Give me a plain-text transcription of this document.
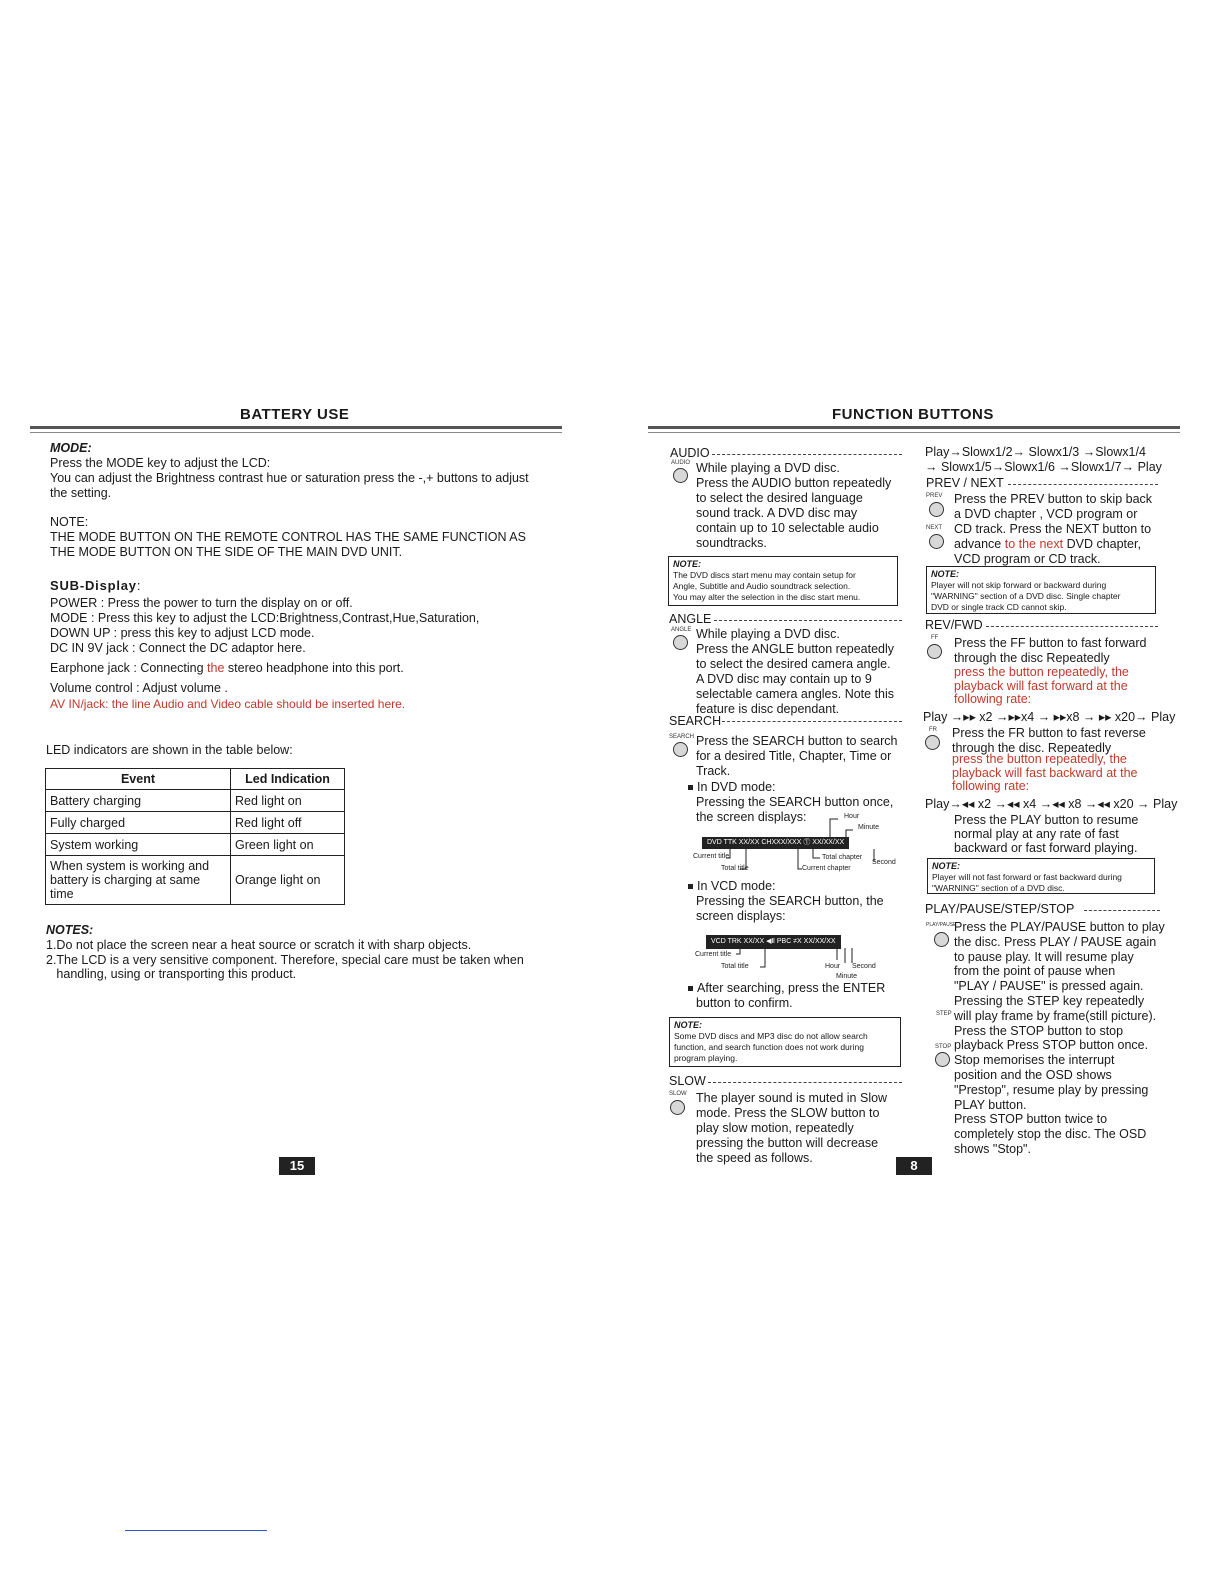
BATTERY USE
MODE:
Press the MODE key to adjust the LCD:
You can adjust the Brightness contrast hue or saturation press the -,+ buttons to adjust
the setting.
NOTE:
THE MODE BUTTON ON THE REMOTE CONTROL HAS THE SAME FUNCTION AS
THE MODE BUTTON ON THE SIDE OF THE MAIN DVD UNIT.
SUB-Display:
POWER : Press the power to turn the display on or off.
MODE : Press this key to adjust the LCD:Brightness,Contrast,Hue,Saturation,
DOWN UP : press this key to adjust LCD mode.
DC IN 9V jack : Connect the DC adaptor here.
Earphone jack : Connecting the stereo headphone into this port.
Volume control : Adjust volume .
AV IN/jack: the line Audio and Video cable should be inserted here.
LED indicators are shown in the table below:
Event	Led Indication
Battery charging	Red light on
Fully charged	Red light off
System working	Green light on
When system is working and battery is charging at same time	Orange light on
NOTES:
1.Do not place the screen near a heat source or scratch it with sharp objects.
2.The LCD is a very sensitive component. Therefore, special care must be taken when
handling, using or transporting this product.
15
FUNCTION BUTTONS
AUDIO
AUDIO While playing a DVD disc.
Press the AUDIO button repeatedly
to select the desired language
sound track. A DVD disc may
contain up to 10 selectable audio
soundtracks.
NOTE:
The DVD discs start menu may contain setup for
Angle, Subtitle and Audio soundtrack selection.
You may alter the selection in the disc start menu.
ANGLE
ANGLE While playing a DVD disc.
Press the ANGLE button repeatedly
to select the desired camera angle.
A DVD disc may contain up to 9
selectable camera angles. Note this
feature is disc dependant.
SEARCH
SEARCH Press the SEARCH button to search
for a desired Title, Chapter, Time or
Track.
In DVD mode:
Pressing the SEARCH button once,
the screen displays:
DVD TTK XX/XX CHXXX/XXX Ⓣ XX/XX/XX
Hour
Minute
Total chapter
Second
Current title
Total title	Current chapter
In VCD mode:
Pressing the SEARCH button, the
screen displays:
VCD TRK XX/XX ◀Ⅱ PBC ≠X XX/XX/XX
Current title
Total title	Hour Second
Minute
After searching, press the ENTER
button to confirm.
NOTE:
Some DVD discs and MP3 disc do not allow search
function, and search function does not work during
program playing.
SLOW
SLOW The player sound is muted in Slow
mode. Press the SLOW button to
play slow motion, repeatedly
pressing the button will decrease
the speed as follows.	8
Play→Slowx1/2→ Slowx1/3 →Slowx1/4
→ Slowx1/5→Slowx1/6 →Slowx1/7→ Play
PREV / NEXT
PREV
NEXT
Press the PREV button to skip back
a DVD chapter , VCD program or
CD track. Press the NEXT button to
advance to the next DVD chapter,
VCD program or CD track.
NOTE:
Player will not skip forward or backward during
"WARNING" section of a DVD disc. Single chapter
DVD or single track CD cannot skip.
REV/FWD
FF Press the FF button to fast forward
through the disc Repeatedly
press the button repeatedly, the
playback will fast forward at the
following rate:
Play →▸▸ x2 →▸▸x4 → ▸▸x8 → ▸▸ x20→ Play
FR Press the FR button to fast reverse
through the disc. Repeatedly
press the button repeatedly, the
playback will fast backward at the
following rate:
Play→◂◂ x2 →◂◂ x4 →◂◂ x8 →◂◂ x20 → Play
Press the PLAY button to resume
normal play at any rate of fast
backward or fast forward playing.
NOTE:
Player will not fast forward or fast backward during
"WARNING" section of a DVD disc.
PLAY/PAUSE/STEP/STOP
PLAY/PAUSE
STEP
STOP
Press the PLAY/PAUSE button to play
the disc. Press PLAY / PAUSE again
to pause play. It will resume play
from the point of pause when
"PLAY / PAUSE" is pressed again.
Pressing the STEP key repeatedly
will play frame by frame(still picture).
Press the STOP button to stop
playback Press STOP button once.
Stop memorises the interrupt
position and the OSD shows
"Prestop", resume play by pressing
PLAY button.
Press STOP button twice to
completely stop the disc. The OSD
shows "Stop".
